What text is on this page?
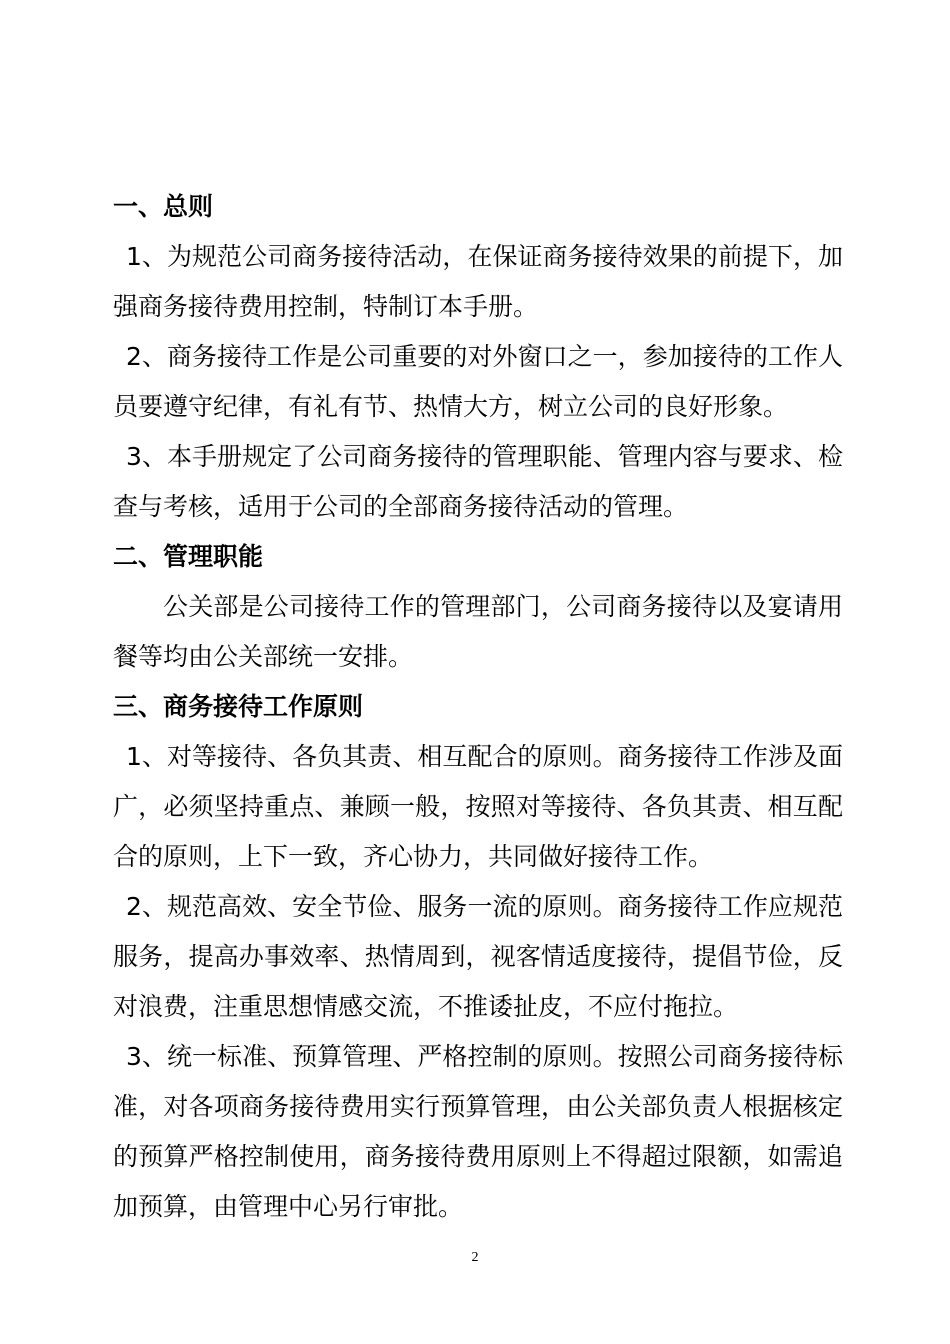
一、总则

1、为规范公司商务接待活动，在保证商务接待效果的前提下，加强商务接待费用控制，特制订本手册。

2、商务接待工作是公司重要的对外窗口之一，参加接待的工作人员要遵守纪律，有礼有节、热情大方，树立公司的良好形象。

3、本手册规定了公司商务接待的管理职能、管理内容与要求、检查与考核，适用于公司的全部商务接待活动的管理。

二、管理职能

公关部是公司接待工作的管理部门，公司商务接待以及宴请用餐等均由公关部统一安排。

三、商务接待工作原则

1、对等接待、各负其责、相互配合的原则。商务接待工作涉及面广，必须坚持重点、兼顾一般，按照对等接待、各负其责、相互配合的原则，上下一致，齐心协力，共同做好接待工作。

2、规范高效、安全节俭、服务一流的原则。商务接待工作应规范服务，提高办事效率、热情周到，视客情适度接待，提倡节俭，反对浪费，注重思想情感交流，不推诿扯皮，不应付拖拉。

3、统一标准、预算管理、严格控制的原则。按照公司商务接待标准，对各项商务接待费用实行预算管理，由公关部负责人根据核定的预算严格控制使用，商务接待费用原则上不得超过限额，如需追加预算，由管理中心另行审批。

2
